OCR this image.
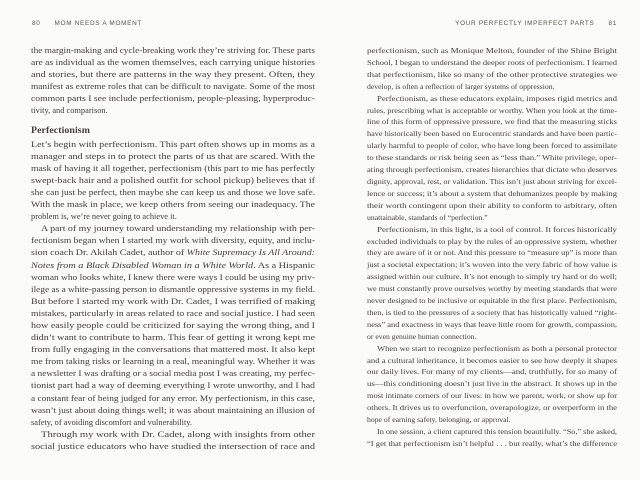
80 MOM NEEDS A MOMENT	YOUR PERFECTLY IMPERFECT PARTS 81
the margin-making and cycle-breaking work they’re striving for. These parts
are as individual as the women themselves, each carrying unique histories
and stories, but there are patterns in the way they present. Often, they
manifest as extreme roles that can be difficult to navigate. Some of the most
common parts I see include perfectionism, people-pleasing, hyperproduc-
tivity, and comparison.
Perfectionism
Let’s begin with perfectionism. This part often shows up in moms as a
manager and steps in to protect the parts of us that are scared. With the
mask of having it all together, perfectionism (this part to me has perfectly
swept-back hair and a polished outfit for school pickup) believes that if
she can just be perfect, then maybe she can keep us and those we love safe.
With the mask in place, we keep others from seeing our inadequacy. The
problem is, we’re never going to achieve it.
A part of my journey toward understanding my relationship with per-
fectionism began when I started my work with diversity, equity, and inclu-
sion coach Dr. Akilah Cadet, author of White Supremacy Is All Around:
Notes from a Black Disabled Woman in a White World. As a Hispanic
woman who looks white, I knew there were ways I could be using my priv-
ilege as a white-passing person to dismantle oppressive systems in my field.
But before I started my work with Dr. Cadet, I was terrified of making
mistakes, particularly in areas related to race and social justice. I had seen
how easily people could be criticized for saying the wrong thing, and I
didn’t want to contribute to harm. This fear of getting it wrong kept me
from fully engaging in the conversations that mattered most. It also kept
me from taking risks or learning in a real, meaningful way. Whether it was
a newsletter I was drafting or a social media post I was creating, my perfec-
tionist part had a way of deeming everything I wrote unworthy, and I had
a constant fear of being judged for any error. My perfectionism, in this case,
wasn’t just about doing things well; it was about maintaining an illusion of
safety, of avoiding discomfort and vulnerability.
Through my work with Dr. Cadet, along with insights from other
social justice educators who have studied the intersection of race and
perfectionism, such as Monique Melton, founder of the Shine Bright
School, I began to understand the deeper roots of perfectionism. I learned
that perfectionism, like so many of the other protective strategies we
develop, is often a reflection of larger systems of oppression.
Perfectionism, as these educators explain, imposes rigid metrics and
rules, prescribing what is acceptable or worthy. When you look at the time-
line of this form of oppressive pressure, we find that the measuring sticks
have historically been based on Eurocentric standards and have been partic-
ularly harmful to people of color, who have long been forced to assimilate
to these standards or risk being seen as “less than.” White privilege, oper-
ating through perfectionism, creates hierarchies that dictate who deserves
dignity, approval, rest, or validation. This isn’t just about striving for excel-
lence or success; it’s about a system that dehumanizes people by making
their worth contingent upon their ability to conform to arbitrary, often
unattainable, standards of “perfection.”
Perfectionism, in this light, is a tool of control. It forces historically
excluded individuals to play by the rules of an oppressive system, whether
they are aware of it or not. And this pressure to “measure up” is more than
just a societal expectation; it’s woven into the very fabric of how value is
assigned within our culture. It’s not enough to simply try hard or do well;
we must constantly prove ourselves worthy by meeting standards that were
never designed to be inclusive or equitable in the first place. Perfectionism,
then, is tied to the pressures of a society that has historically valued “right-
ness” and exactness in ways that leave little room for growth, compassion,
or even genuine human connection.
When we start to recognize perfectionism as both a personal protector
and a cultural inheritance, it becomes easier to see how deeply it shapes
our daily lives. For many of my clients—and, truthfully, for so many of
us—this conditioning doesn’t just live in the abstract. It shows up in the
most intimate corners of our lives: in how we parent, work, or show up for
others. It drives us to overfunction, overapologize, or overperform in the
hope of earning safety, belonging, or approval.
In one session, a client captured this tension beautifully. “So,” she asked,
“I get that perfectionism isn’t helpful . . . but really, what’s the difference
